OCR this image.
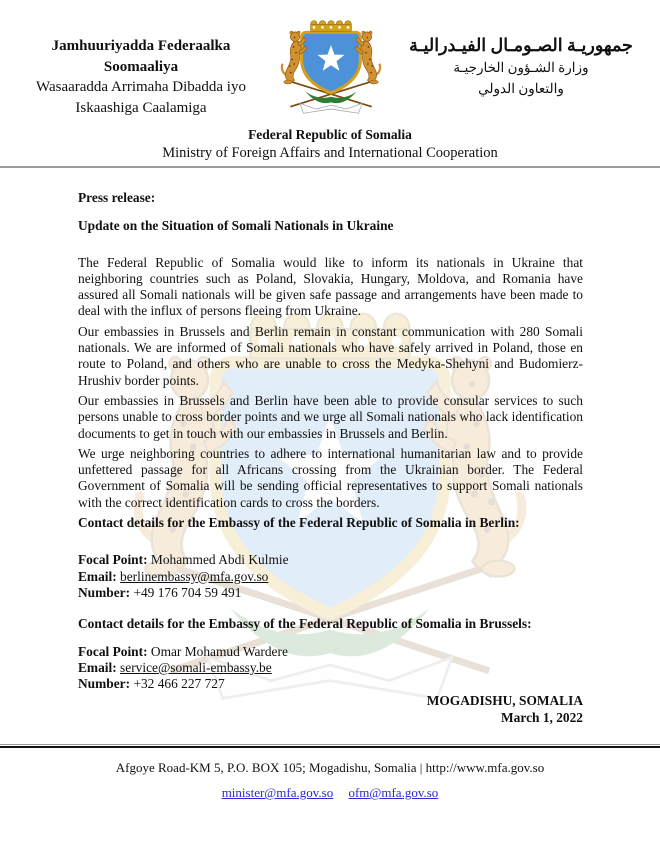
Jamhuuriyadda Federaalka Soomaaliya
Wasaaradda Arrimaha Dibadda iyo
Iskaashiga Caalamiga
جمهوريـة الصـومـال الفيـدراليـة
وزارة الشـؤون الخارجيـة
والتعاون الدولي
Federal Republic of Somalia
Ministry of Foreign Affairs and International Cooperation

Press release:

Update on the Situation of Somali Nationals in Ukraine

The Federal Republic of Somalia would like to inform its nationals in Ukraine that neighboring countries such as Poland, Slovakia, Hungary, Moldova, and Romania have assured all Somali nationals will be given safe passage and arrangements have been made to deal with the influx of persons fleeing from Ukraine.

Our embassies in Brussels and Berlin remain in constant communication with 280 Somali nationals. We are informed of Somali nationals who have safely arrived in Poland, those en route to Poland, and others who are unable to cross the Medyka-Shehyni and Budomierz-Hrushiv border points.

Our embassies in Brussels and Berlin have been able to provide consular services to such persons unable to cross border points and we urge all Somali nationals who lack identification documents to get in touch with our embassies in Brussels and Berlin.

We urge neighboring countries to adhere to international humanitarian law and to provide unfettered passage for all Africans crossing from the Ukrainian border. The Federal Government of Somalia will be sending official representatives to support Somali nationals with the correct identification cards to cross the borders.

Contact details for the Embassy of the Federal Republic of Somalia in Berlin:

Focal Point: Mohammed Abdi Kulmie
Email: berlinembassy@mfa.gov.so
Number: +49 176 704 59 491

Contact details for the Embassy of the Federal Republic of Somalia in Brussels:

Focal Point: Omar Mohamud Wardere
Email: service@somali-embassy.be
Number: +32 466 227 727
MOGADISHU, SOMALIA
March 1, 2022
Afgoye Road-KM 5, P.O. BOX 105; Mogadishu, Somalia | http://www.mfa.gov.so
minister@mfa.gov.so ofm@mfa.gov.so
